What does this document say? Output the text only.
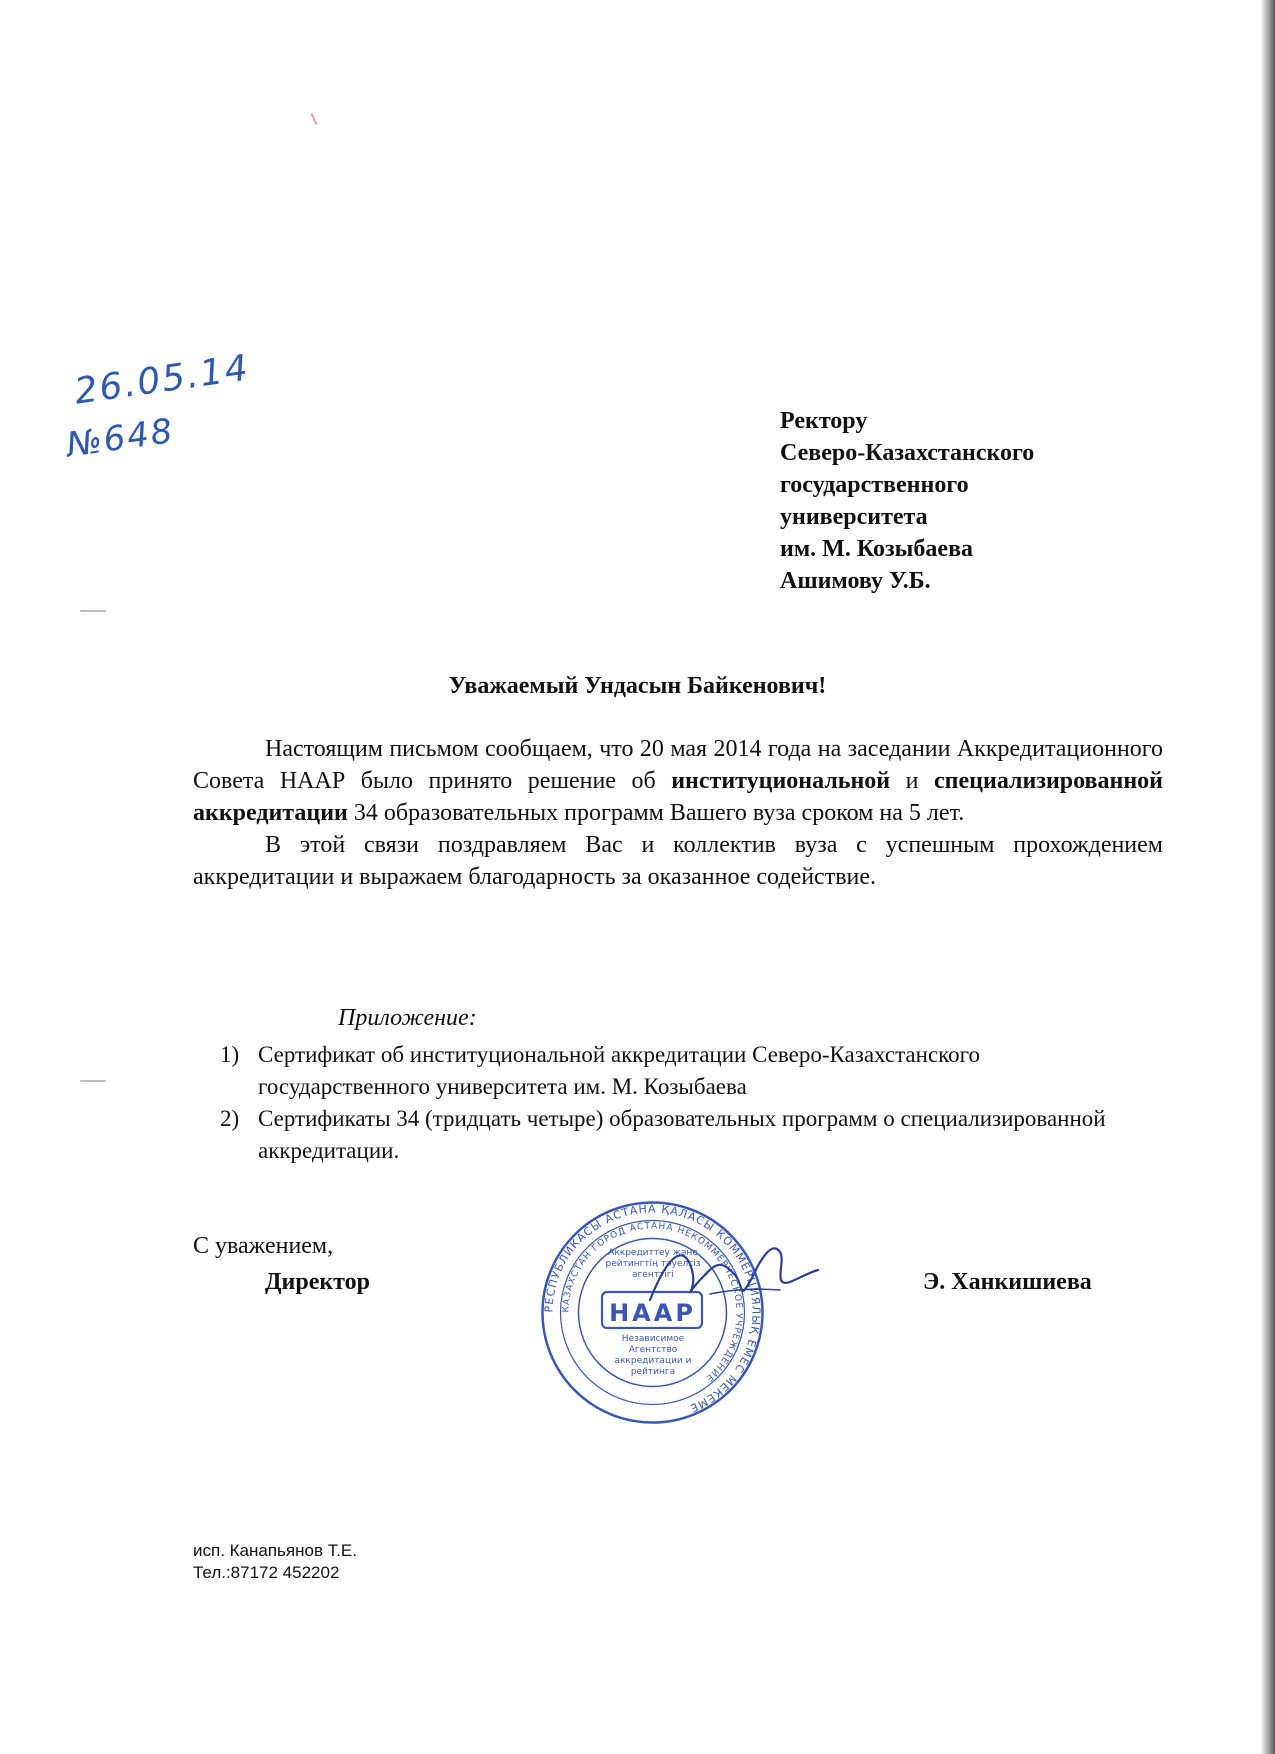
26.05.14
№648	Ректору
Северо-Казахстанского
государственного
университета
им. М. Козыбаева
Ашимову У.Б.
Уважаемый Ундасын Байкенович!

Настоящим письмом сообщаем, что 20 мая 2014 года на заседании Аккредитационного Совета НААР было принято решение об институциональной и специализированной аккредитации 34 образовательных программ Вашего вуза сроком на 5 лет.

В этой связи поздравляем Вас и коллектив вуза с успешным прохождением аккредитации и выражаем благодарность за оказанное содействие.

Приложение:
1) Сертификат об институциональной аккредитации Северо-Казахстанского государственного университета им. М. Козыбаева
2) Сертификаты 34 (тридцать четыре) образовательных программ о специализированной аккредитации.
С уважением,
Директор	Э. Ханкишиева
РЕСПУБЛИКАСЫ АСТАНА ҚАЛАСЫ КОММЕРЦИЯЛЫҚ ЕМЕС МЕКЕМЕ
КАЗАХСТАН ГОРОД АСТАНА НЕКОММЕРЧЕСКОЕ УЧРЕЖДЕНИЕ
НААР
Аккредиттеу және рейтингтің тәуелсіз агенттігі
Независимое Агентство аккредитации и рейтинга
исп. Канапьянов Т.Е.
Тел.:87172 452202
